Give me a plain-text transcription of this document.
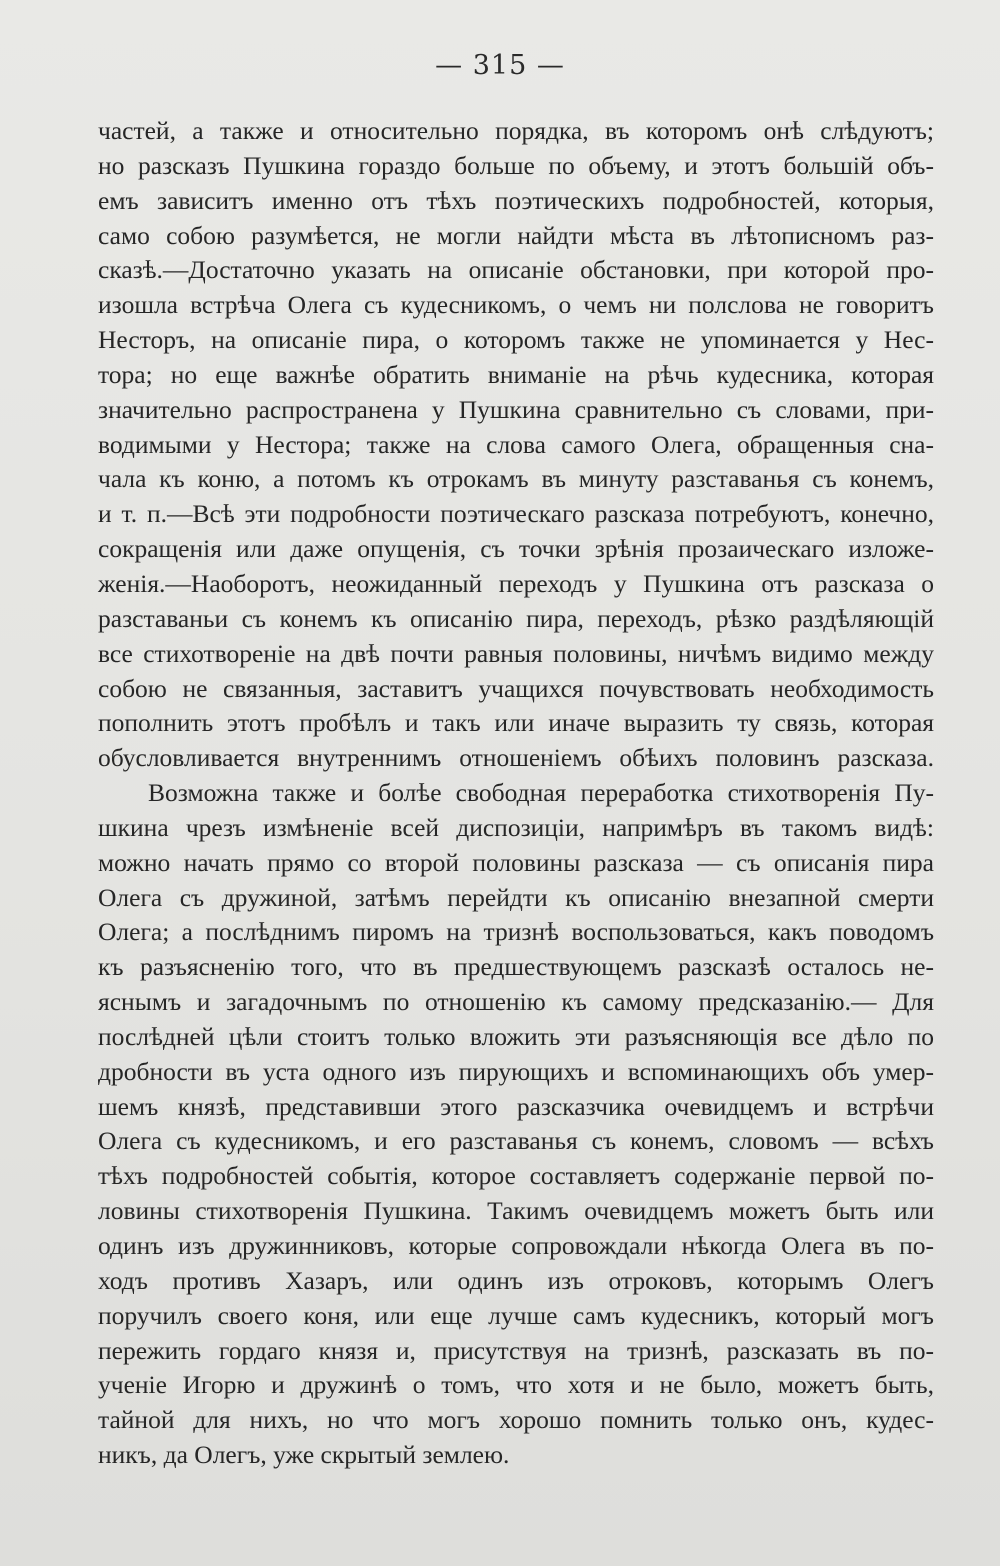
— 315 —
частей, а также и относительно порядка, въ которомъ онѣ слѣдуютъ;
но разсказъ Пушкина гораздо больше по объему, и этотъ большій объ-
емъ зависитъ именно отъ тѣхъ поэтическихъ подробностей, которыя,
само собою разумѣется, не могли найдти мѣста въ лѣтописномъ раз-
сказѣ.—Достаточно указать на описаніе обстановки, при которой про-
изошла встрѣча Олега съ кудесникомъ, о чемъ ни полслова не говоритъ
Несторъ, на описаніе пира, о которомъ также не упоминается у Нес-
тора; но еще важнѣе обратить вниманіе на рѣчь кудесника, которая
значительно распространена у Пушкина сравнительно съ словами, при-
водимыми у Нестора; также на слова самого Олега, обращенныя сна-
чала къ коню, а потомъ къ отрокамъ въ минуту разставанья съ конемъ,
и т. п.—Всѣ эти подробности поэтическаго разсказа потребуютъ, конечно,
сокращенія или даже опущенія, съ точки зрѣнія прозаическаго изложе-
женія.—Наоборотъ, неожиданный переходъ у Пушкина отъ разсказа о
разставаньи съ конемъ къ описанію пира, переходъ, рѣзко раздѣляющій
все стихотвореніе на двѣ почти равныя половины, ничѣмъ видимо между
собою не связанныя, заставитъ учащихся почувствовать необходимость
пополнить этотъ пробѣлъ и такъ или иначе выразить ту связь, которая
обусловливается внутреннимъ отношеніемъ обѣихъ половинъ разсказа.
Возможна также и болѣе свободная переработка стихотворенія Пу-
шкина чрезъ измѣненіе всей диспозиціи, напримѣръ въ такомъ видѣ:
можно начать прямо со второй половины разсказа — съ описанія пира
Олега съ дружиной, затѣмъ перейдти къ описанію внезапной смерти
Олега; а послѣднимъ пиромъ на тризнѣ воспользоваться, какъ поводомъ
къ разъясненію того, что въ предшествующемъ разсказѣ осталось не-
яснымъ и загадочнымъ по отношенію къ самому предсказанію.— Для
послѣдней цѣли стоитъ только вложить эти разъясняющія все дѣло по
дробности въ уста одного изъ пирующихъ и вспоминающихъ объ умер-
шемъ князѣ, представивши этого разсказчика очевидцемъ и встрѣчи
Олега съ кудесникомъ, и его разставанья съ конемъ, словомъ — всѣхъ
тѣхъ подробностей событія, которое составляетъ содержаніе первой по-
ловины стихотворенія Пушкина. Такимъ очевидцемъ можетъ быть или
одинъ изъ дружинниковъ, которые сопровождали нѣкогда Олега въ по-
ходъ противъ Хазаръ, или одинъ изъ отроковъ, которымъ Олегъ
поручилъ своего коня, или еще лучше самъ кудесникъ, который могъ
пережить гордаго князя и, присутствуя на тризнѣ, разсказать въ по-
ученіе Игорю и дружинѣ о томъ, что хотя и не было, можетъ быть,
тайной для нихъ, но что могъ хорошо помнить только онъ, кудес-
никъ, да Олегъ, уже скрытый землею.
